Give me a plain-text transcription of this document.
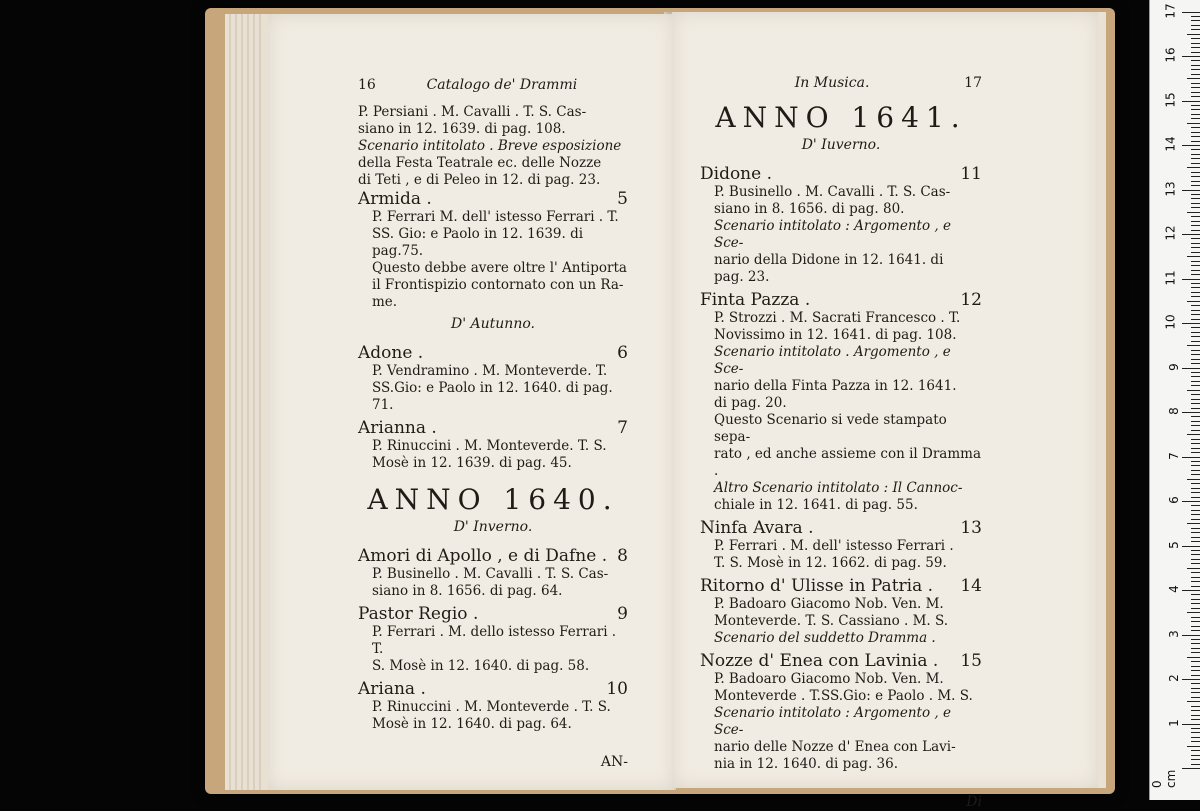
16	Catalogo de' Drammi
P. Persiani . M. Cavalli . T. S. Cas-
siano in 12. 1639. di pag. 108.
Scenario intitolato . Breve esposizione
della Festa Teatrale ec. delle Nozze
di Teti , e di Peleo in 12. di pag. 23.
Armida .	5
P. Ferrari M. dell' istesso Ferrari . T.
SS. Gio: e Paolo in 12. 1639. di pag.75.
Questo debbe avere oltre l' Antiporta
il Frontispizio contornato con un Ra-
me.
D' Autunno.
Adone .	6
P. Vendramino . M. Monteverde. T.
SS.Gio: e Paolo in 12. 1640. di pag. 71.
Arianna .	7
P. Rinuccini . M. Monteverde. T. S.
Mosè in 12. 1639. di pag. 45.
ANNO 1640.
D' Inverno.
Amori di Apollo , e di Dafne . 8
P. Businello . M. Cavalli . T. S. Cas-
siano in 8. 1656. di pag. 64.
Pastor Regio .	9
P. Ferrari . M. dello istesso Ferrari . T.
S. Mosè in 12. 1640. di pag. 58.
Ariana .	10
P. Rinuccini . M. Monteverde . T. S.
Mosè in 12. 1640. di pag. 64.
AN-
In Musica.	17
ANNO 1641.
D' Iuverno.
Didone .	11
P. Businello . M. Cavalli . T. S. Cas-
siano in 8. 1656. di pag. 80.
Scenario intitolato : Argomento , e Sce-
nario della Didone in 12. 1641. di
pag. 23.
Finta Pazza .	12
P. Strozzi . M. Sacrati Francesco . T.
Novissimo in 12. 1641. di pag. 108.
Scenario intitolato . Argomento , e Sce-
nario della Finta Pazza in 12. 1641.
di pag. 20.
Questo Scenario si vede stampato sepa-
rato , ed anche assieme con il Dramma .
Altro Scenario intitolato : Il Cannoc-
chiale in 12. 1641. di pag. 55.
Ninfa Avara .	13
P. Ferrari . M. dell' istesso Ferrari .
T. S. Mosè in 12. 1662. di pag. 59.
Ritorno d' Ulisse in Patria . 14
P. Badoaro Giacomo Nob. Ven. M.
Monteverde. T. S. Cassiano . M. S.
Scenario del suddetto Dramma .
Nozze d' Enea con Lavinia . 15
P. Badoaro Giacomo Nob. Ven. M.
Monteverde . T.SS.Gio: e Paolo . M. S.
Scenario intitolato : Argomento , e Sce-
nario delle Nozze d' Enea con Lavi-
nia in 12. 1640. di pag. 36.
Di
0 cm
1
2
3
4
5
6
7
8
9
10
11
12
13
14
15
16
17
